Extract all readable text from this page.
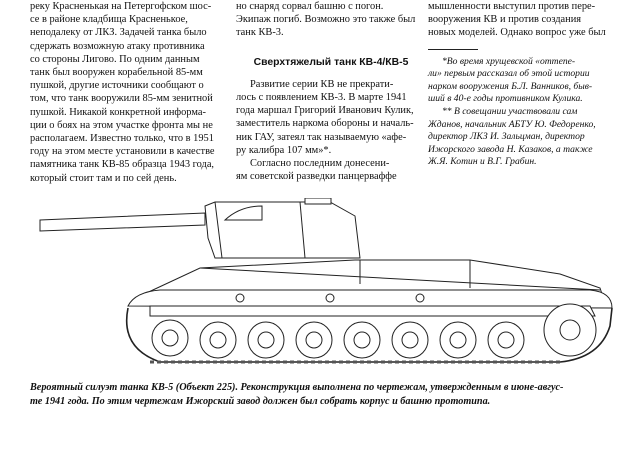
реку Красненькая на Петергофском шос-
се в районе кладбища Красненькое,
неподалеку от ЛКЗ. Задачей танка было
сдержать возможную атаку противника
со стороны Лигово. По одним данным
танк был вооружен корабельной 85-мм
пушкой, другие источники сообщают о
том, что танк вооружили 85-мм зенитной
пушкой. Никакой конкретной информа-
ции о боях на этом участке фронта мы не
располагаем. Известно только, что в 1951
году на этом месте установили в качестве
памятника танк КВ-85 образца 1943 года,
который стоит там и по сей день.
но снаряд сорвал башню с погон.
Экипаж погиб. Возможно это также был
танк КВ-3.
Сверхтяжелый танк КВ-4/КВ-5
Развитие серии КВ не прекрати-
лось с появлением КВ-3. В марте 1941
года маршал Григорий Иванович Кулик,
заместитель наркома обороны и началь-
ник ГАУ, затеял так называемую «афе-
ру калибра 107 мм»*.
Согласно последним донесени-
ям советской разведки панцерваффе
мышленности выступил против пере-
вооружения КВ и против создания
новых моделей. Однако вопрос уже был
*Во время хрущевской «оттепе-
ли» первым рассказал об этой истории
нарком вооружения Б.Л. Ванников, быв-
ший в 40-е годы противником Кулика.
** В совещании участвовали сам
Жданов, начальник АБТУ Ю. Федоренко,
директор ЛКЗ И. Зальцман, директор
Ижорского завода Н. Казаков, а также
Ж.Я. Котин и В.Г. Грабин.
Вероятный силуэт танка КВ-5 (Объект 225). Реконструкция выполнена по чертежам, утвержденным в июне-авгус-
те 1941 года. По этим чертежам Ижорский завод должен был собрать корпус и башню прототипа.
